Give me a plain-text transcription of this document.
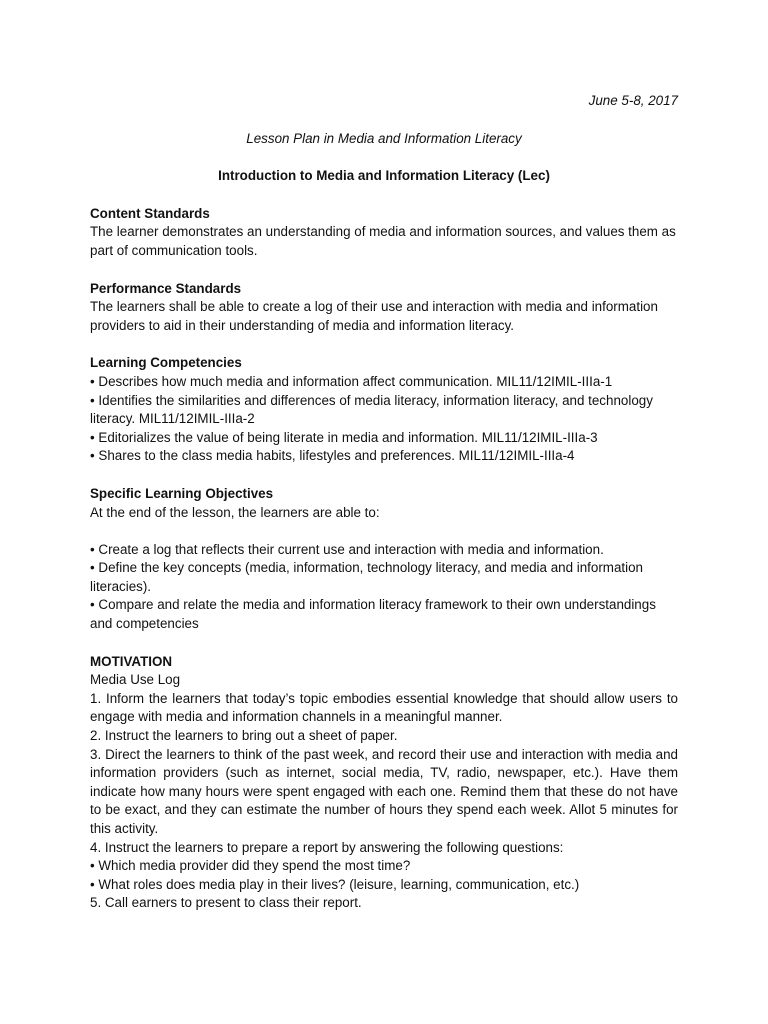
June 5-8, 2017

Lesson Plan in Media and Information Literacy

Introduction to Media and Information Literacy (Lec)

Content Standards

The learner demonstrates an understanding of media and information sources, and values them as part of communication tools.

Performance Standards

The learners shall be able to create a log of their use and interaction with media and information providers to aid in their understanding of media and information literacy.

Learning Competencies

• Describes how much media and information affect communication. MIL11/12IMIL-IIIa-1

• Identifies the similarities and differences of media literacy, information literacy, and technology literacy. MIL11/12IMIL-IIIa-2

• Editorializes the value of being literate in media and information. MIL11/12IMIL-IIIa-3

• Shares to the class media habits, lifestyles and preferences. MIL11/12IMIL-IIIa-4

Specific Learning Objectives

At the end of the lesson, the learners are able to:

• Create a log that reflects their current use and interaction with media and information.

• Define the key concepts (media, information, technology literacy, and media and information literacies).

• Compare and relate the media and information literacy framework to their own understandings and competencies

MOTIVATION

Media Use Log

1. Inform the learners that today’s topic embodies essential knowledge that should allow users to engage with media and information channels in a meaningful manner.

2. Instruct the learners to bring out a sheet of paper.

3. Direct the learners to think of the past week, and record their use and interaction with media and information providers (such as internet, social media, TV, radio, newspaper, etc.). Have them indicate how many hours were spent engaged with each one. Remind them that these do not have to be exact, and they can estimate the number of hours they spend each week. Allot 5 minutes for this activity.

4. Instruct the learners to prepare a report by answering the following questions:

• Which media provider did they spend the most time?

• What roles does media play in their lives? (leisure, learning, communication, etc.)

5. Call earners to present to class their report.
